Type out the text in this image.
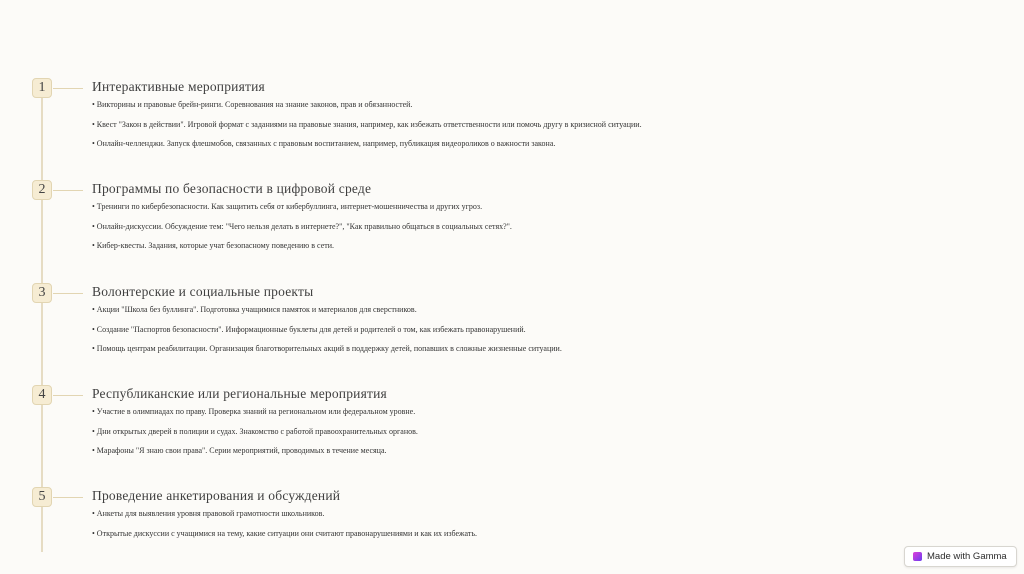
1	Интерактивные мероприятия
• Викторины и правовые брейн-ринги. Соревнования на знание законов, прав и обязанностей.
• Квест "Закон в действии". Игровой формат с заданиями на правовые знания, например, как избежать ответственности или помочь другу в кризисной ситуации.
• Онлайн-челленджи. Запуск флешмобов, связанных с правовым воспитанием, например, публикация видеороликов о важности закона.
2	Программы по безопасности в цифровой среде
• Тренинги по кибербезопасности. Как защитить себя от кибербуллинга, интернет-мошенничества и других угроз.
• Онлайн-дискуссии. Обсуждение тем: "Чего нельзя делать в интернете?", "Как правильно общаться в социальных сетях?".
• Кибер-квесты. Задания, которые учат безопасному поведению в сети.
3	Волонтерские и социальные проекты
• Акции "Школа без буллинга". Подготовка учащимися памяток и материалов для сверстников.
• Создание "Паспортов безопасности". Информационные буклеты для детей и родителей о том, как избежать правонарушений.
• Помощь центрам реабилитации. Организация благотворительных акций в поддержку детей, попавших в сложные жизненные ситуации.
4	Республиканские или региональные мероприятия
• Участие в олимпиадах по праву. Проверка знаний на региональном или федеральном уровне.
• Дни открытых дверей в полиции и судах. Знакомство с работой правоохранительных органов.
• Марафоны "Я знаю свои права". Серии мероприятий, проводимых в течение месяца.
5	Проведение анкетирования и обсуждений
• Анкеты для выявления уровня правовой грамотности школьников.
• Открытые дискуссии с учащимися на тему, какие ситуации они считают правонарушениями и как их избежать.
Made with Gamma
